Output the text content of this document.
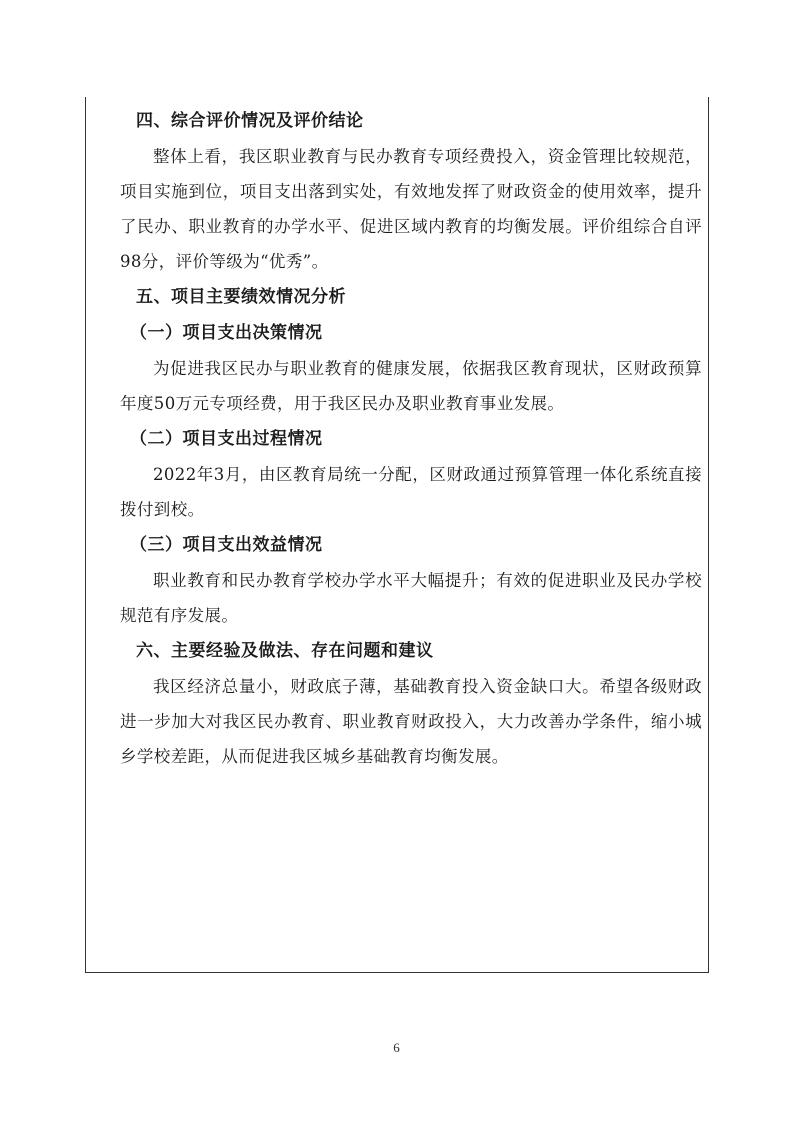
四、综合评价情况及评价结论

整体上看，我区职业教育与民办教育专项经费投入，资金管理比较规范，项目实施到位，项目支出落到实处，有效地发挥了财政资金的使用效率，提升了民办、职业教育的办学水平、促进区域内教育的均衡发展。评价组综合自评98分，评价等级为“优秀”。

五、项目主要绩效情况分析
（一）项目支出决策情况

为促进我区民办与职业教育的健康发展，依据我区教育现状，区财政预算年度50万元专项经费，用于我区民办及职业教育事业发展。

（二）项目支出过程情况

2022年3月，由区教育局统一分配，区财政通过预算管理一体化系统直接拨付到校。

（三）项目支出效益情况

职业教育和民办教育学校办学水平大幅提升；有效的促进职业及民办学校规范有序发展。

六、主要经验及做法、存在问题和建议

我区经济总量小，财政底子薄，基础教育投入资金缺口大。希望各级财政进一步加大对我区民办教育、职业教育财政投入，大力改善办学条件，缩小城乡学校差距，从而促进我区城乡基础教育均衡发展。

6
